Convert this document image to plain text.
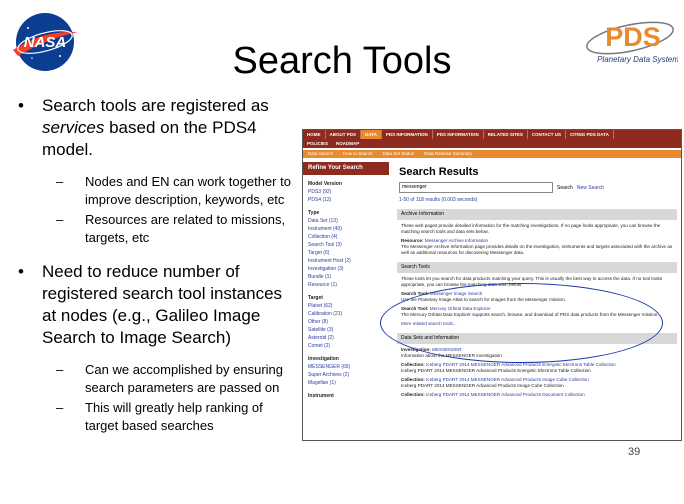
NASA	PDS
Planetary Data System
Search Tools
• Search tools are registered as services based on the PDS4 model.
– Nodes and EN can work together to improve description, keywords, etc
– Resources are related to missions, targets, etc
• Need to reduce number of registered search tool instances at nodes (e.g., Galileo Image Search to Image Search)
– Can we accomplished by ensuring search parameters are passed on
– This will greatly help ranking of target based searches
HOME	ABOUT PDS	DATA	PDS INFORMATION	PDS INFORMATION	RELATED SITES	CONTACT US	CITING PDS DATA
POLICIES	ROADMAP
Data Search	How to Search	Data Set Status	Data Release Summary
Refine Your Search
Model Version
PDS3 (92)
PDS4 (12)
Type
Data Set (13)
Instrument (40)
Collection (4)
Search Tool (3)
Target (6)
Instrument Host (2)
Investigation (3)
Bundle (1)
Resource (1)
Target
Planet (62)
Calibration (21)
Other (8)
Satellite (3)
Asteroid (2)
Comet (2)
Investigation
MESSENGER (65)
Super Archives (2)
Magellan (1)
Instrument
Search Results
messenger	Search New Search
1-50 of 118 results (0.003 seconds)
Archive Information
These web pages provide detailed information for the matching investigations. If no page looks appropriate, you can browse the matching search tools and data sets below.
Resource: Messenger Archive Information
The Messenger Archive Information page provides details on the investigation, instruments and targets associated with the archive as well as additional resources for discovering Messenger data.
Search Tools
These tools let you search for data products matching your query. This is usually the best way to access the data. If no tool looks appropriate, you can browse the matching data sets, below.
Search Tool: Messenger Image Search
Use the Planetary Image Atlas to search for images from the Messenger mission.
Search Tool: Mercury Orbital Data Explorer
The Mercury Orbital Data Explorer supports search, browse, and download of PDS data products from the Messenger mission.
More related search tools...
Data Sets and Information
Investigation: MESSENGER
Information about the MESSENGER investigation
Collection: Iceberg PDART 2014 MESSENGER Advanced Products Energetic Electrons Table Collection
Iceberg PDART 2014 MESSENGER Advanced Products Energetic Electrons Table Collection
Collection: Iceberg PDART 2014 MESSENGER Advanced Products Image Cube Collection
Iceberg PDART 2014 MESSENGER Advanced Products Image Cube Collection
Collection: Iceberg PDART 2014 MESSENGER Advanced Products Document Collection
39
